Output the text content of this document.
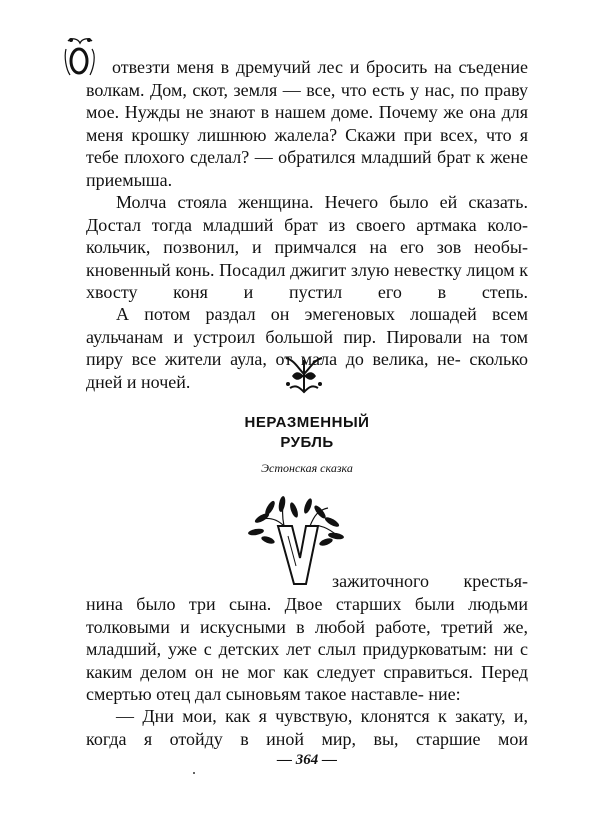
отвезти меня в дремучий лес и бросить на съедение волкам. Дом, скот, земля — все, что есть у нас, по праву мое. Нужды не знают в нашем доме. Почему же она для меня крошку лишнюю жалела? Скажи при всех, что я тебе плохого сделал? — обратился младший брат к жене приемыша.

Молча стояла женщина. Нечего было ей сказать. Достал тогда младший брат из своего артмака коло- кольчик, позвонил, и примчался на его зов необы- кновенный конь. Посадил джигит злую невестку лицом к хвосту коня и пустил его в степь.

А потом раздал он эмегеновых лошадей всем аульчанам и устроил большой пир. Пировали на том пиру все жители аула, от мала до велика, не- сколько дней и ночей.

НЕРАЗМЕННЫЙ
РУБЛЬ
Эстонская сказка

зажиточного крестья-

нина было три сына. Двое старших были людьми толковыми и искусными в любой работе, третий же, младший, уже с детских лет слыл придурковатым: ни с каким делом он не мог как следует справиться. Перед смертью отец дал сыновьям такое наставле- ние:

— Дни мои, как я чувствую, клонятся к закату, и, когда я отойду в иной мир, вы, старшие мои

— 364 —
